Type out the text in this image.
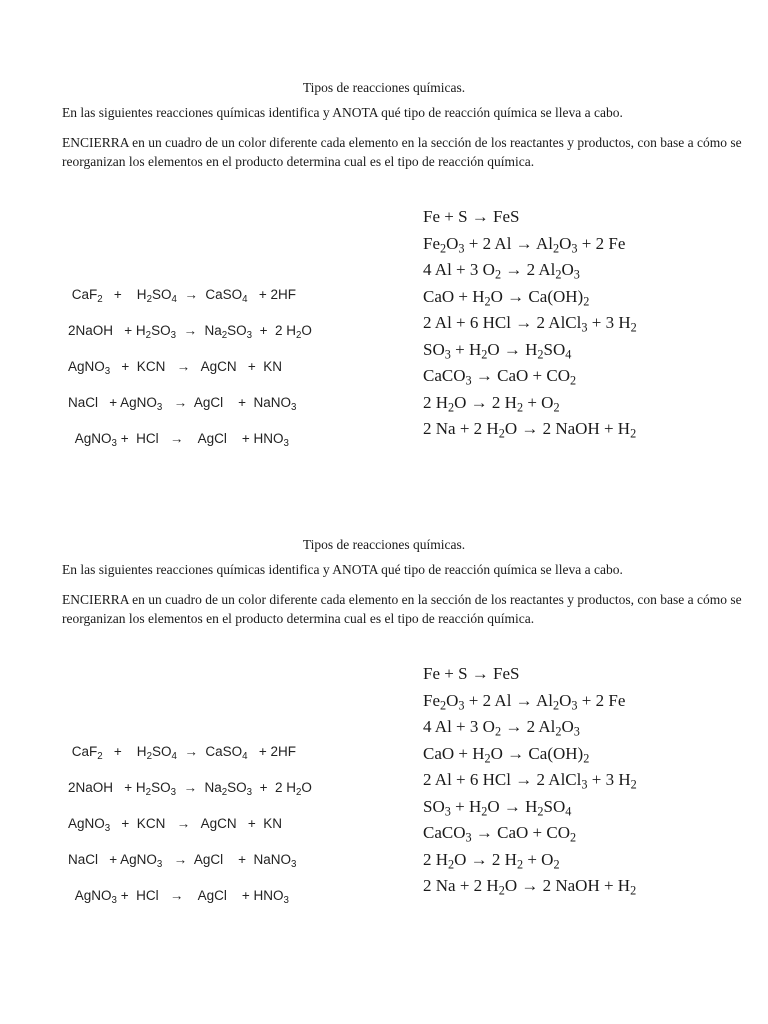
Tipos de reacciones químicas.

En las siguientes reacciones químicas identifica y ANOTA qué tipo de reacción química se lleva a cabo.

ENCIERRA en un cuadro de un color diferente cada elemento en la sección de los reactantes y productos, con base a cómo se reorganizan los elementos en el producto determina cual es el tipo de reacción química.

CaF$_2$   +    $H_2SO_4$  →  CaSO$_4$   + 2HF
2NaOH   + $H_2SO_3 \to Na_2SO_3 + 2$ $H_2O$
AgNO$_3$   +  KCN   →   AgCN   +  KN
NaCl   + AgNO$_3$   →  AgCl    +  NaNO$_3$
AgNO$_3$ +  HCl   →    AgCl    + $HNO_3$
Fe + S → FeS
$Fe_2O_3 + 2$ $Al \to Al_2O_3 + 2$ Fe
4 Al + 3 $O_2 \to 2$ $Al_2O_3$
CaO + $H_2O \to Ca(OH)_2$
2 Al + 6 HCl → 2 AlCl$_3$ + 3 $H_2$
$SO_3 + H_2O \to H_2SO_4$
CaCO$_3$ → CaO + $CO_2$
2 $H_2O \to 2$ $H_2 + O_2$
2 Na + 2 $H_2O \to 2$ NaOH + $H_2$
Tipos de reacciones químicas.

En las siguientes reacciones químicas identifica y ANOTA qué tipo de reacción química se lleva a cabo.

ENCIERRA en un cuadro de un color diferente cada elemento en la sección de los reactantes y productos, con base a cómo se reorganizan los elementos en el producto determina cual es el tipo de reacción química.

CaF$_2$   +    $H_2SO_4$  →  CaSO$_4$   + 2HF
2NaOH   + $H_2SO_3 \to Na_2SO_3 + 2$ $H_2O$
AgNO$_3$   +  KCN   →   AgCN   +  KN
NaCl   + AgNO$_3$   →  AgCl    +  NaNO$_3$
AgNO$_3$ +  HCl   →    AgCl    + $HNO_3$
Fe + S → FeS
$Fe_2O_3 + 2$ $Al \to Al_2O_3 + 2$ Fe
4 Al + 3 $O_2 \to 2$ $Al_2O_3$
CaO + $H_2O \to Ca(OH)_2$
2 Al + 6 HCl → 2 AlCl$_3$ + 3 $H_2$
$SO_3 + H_2O \to H_2SO_4$
CaCO$_3$ → CaO + $CO_2$
2 $H_2O \to 2$ $H_2 + O_2$
2 Na + 2 $H_2O \to 2$ NaOH + $H_2$
